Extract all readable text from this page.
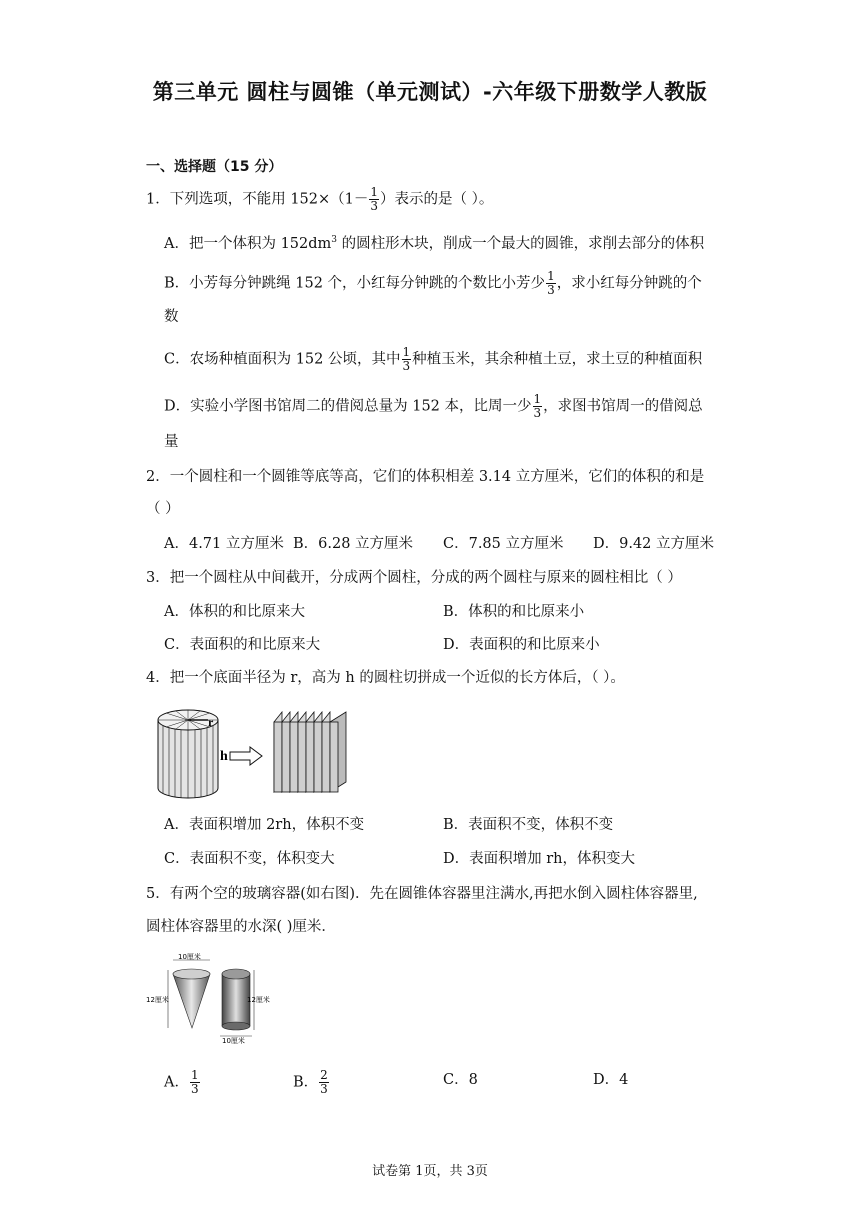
第三单元 圆柱与圆锥（单元测试）-六年级下册数学人教版
一、选择题（15 分）
1．下列选项，不能用 $152\times(1- \frac{1}{3}$ ）表示的是（ ）。
A．把一个体积为 $152dm^3$ 的圆柱形木块，削成一个最大的圆锥，求削去部分的体积
B．小芳每分钟跳绳 152 个，小红每分钟跳的个数比小芳少 $\frac{1}{3}$ ，求小红每分钟跳的个
数
C．农场种植面积为 152 公顷，其中 $\frac{1}{3}$ 种植玉米，其余种植土豆，求土豆的种植面积
D．实验小学图书馆周二的借阅总量为 152 本，比周一少 $\frac{1}{3}$ ，求图书馆周一的借阅总
量
2．一个圆柱和一个圆锥等底等高，它们的体积相差 3.14 立方厘米，它们的体积的和是
（ ）
A．4.71 立方厘米 B．6.28 立方厘米 C．7.85 立方厘米 D．9.42 立方厘米
3．把一个圆柱从中间截开，分成两个圆柱，分成的两个圆柱与原来的圆柱相比（ ）
A．体积的和比原来大	B．体积的和比原来小
C．表面积的和比原来大	D．表面积的和比原来小
4．把一个底面半径为 r，高为 h 的圆柱切拼成一个近似的长方体后，（ ）。
r
h
A．表面积增加 2rh，体积不变	B．表面积不变，体积不变
C．表面积不变，体积变大	D．表面积增加 rh，体积变大
5．有两个空的玻璃容器(如右图)．先在圆锥体容器里注满水,再把水倒入圆柱体容器里,
圆柱体容器里的水深( )厘米．
10厘米
12厘米	12厘米
10厘米
A． $\frac{1}{3}$	B． $\frac{2}{3}$	C．8	D．4
试卷第 1页，共 3页
